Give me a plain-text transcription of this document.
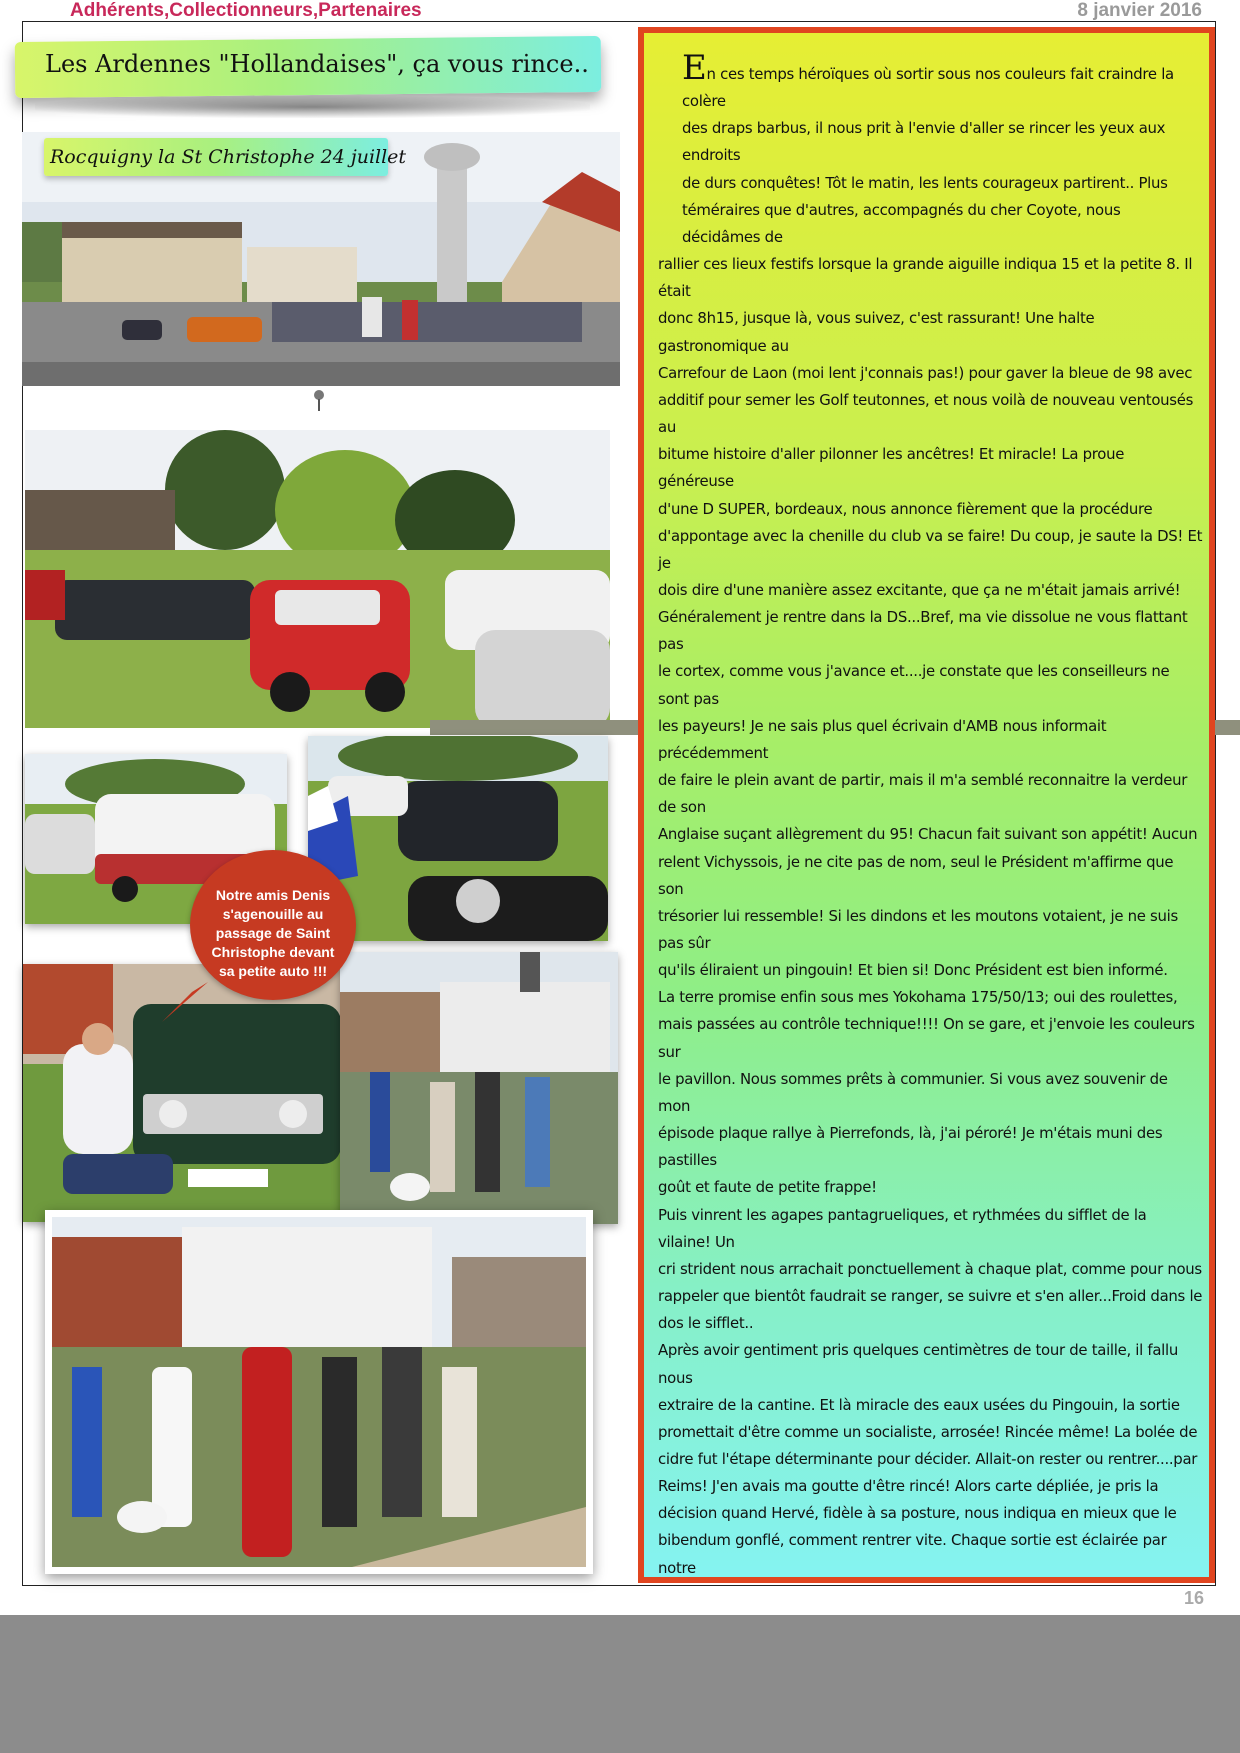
Adhérents,Collectionneurs,Partenaires	8 janvier 2016
Les Ardennes "Hollandaises", ça vous rince..
Rocquigny la St Christophe 24 juillet
Notre amis Denis s'agenouille au passage de Saint Christophe devant sa petite auto !!!
En ces temps héroïques où sortir sous nos couleurs fait craindre la colère
des draps barbus, il nous prit à l'envie d'aller se rincer les yeux aux endroits
de durs conquêtes! Tôt le matin, les lents courageux partirent.. Plus
téméraires que d'autres, accompagnés du cher Coyote, nous décidâmes de
rallier ces lieux festifs lorsque la grande aiguille indiqua 15 et la petite 8. Il était
donc 8h15, jusque là, vous suivez, c'est rassurant! Une halte gastronomique au
Carrefour de Laon (moi lent j'connais pas!) pour gaver la bleue de 98 avec
additif pour semer les Golf teutonnes, et nous voilà de nouveau ventousés au
bitume histoire d'aller pilonner les ancêtres! Et miracle! La proue généreuse
d'une D SUPER, bordeaux, nous annonce fièrement que la procédure
d'appontage avec la chenille du club va se faire! Du coup, je saute la DS! Et je
dois dire d'une manière assez excitante, que ça ne m'était jamais arrivé!
Généralement je rentre dans la DS...Bref, ma vie dissolue ne vous flattant pas
le cortex, comme vous j'avance et....je constate que les conseilleurs ne sont pas
les payeurs! Je ne sais plus quel écrivain d'AMB nous informait précédemment
de faire le plein avant de partir, mais il m'a semblé reconnaitre la verdeur de son
Anglaise suçant allègrement du 95! Chacun fait suivant son appétit! Aucun
relent Vichyssois, je ne cite pas de nom, seul le Président m'affirme que son
trésorier lui ressemble! Si les dindons et les moutons votaient, je ne suis pas sûr
qu'ils éliraient un pingouin! Et bien si! Donc Président est bien informé.
La terre promise enfin sous mes Yokohama 175/50/13; oui des roulettes,
mais passées au contrôle technique!!!! On se gare, et j'envoie les couleurs sur
le pavillon. Nous sommes prêts à communier. Si vous avez souvenir de mon
épisode plaque rallye à Pierrefonds, là, j'ai péroré! Je m'étais muni des pastilles
goût et faute de petite frappe!
Puis vinrent les agapes pantagrueliques, et rythmées du sifflet de la vilaine! Un
cri strident nous arrachait ponctuellement à chaque plat, comme pour nous
rappeler que bientôt faudrait se ranger, se suivre et s'en aller...Froid dans le
dos le sifflet..
Après avoir gentiment pris quelques centimètres de tour de taille, il fallu nous
extraire de la cantine. Et là miracle des eaux usées du Pingouin, la sortie
promettait d'être comme un socialiste, arrosée! Rincée même! La bolée de
cidre fut l'étape déterminante pour décider. Allait-on rester ou rentrer....par
Reims! J'en avais ma goutte d'être rincé! Alors carte dépliée, je pris la
décision quand Hervé, fidèle à sa posture, nous indiqua en mieux que le
bibendum gonflé, comment rentrer vite. Chaque sortie est éclairée par notre
16
